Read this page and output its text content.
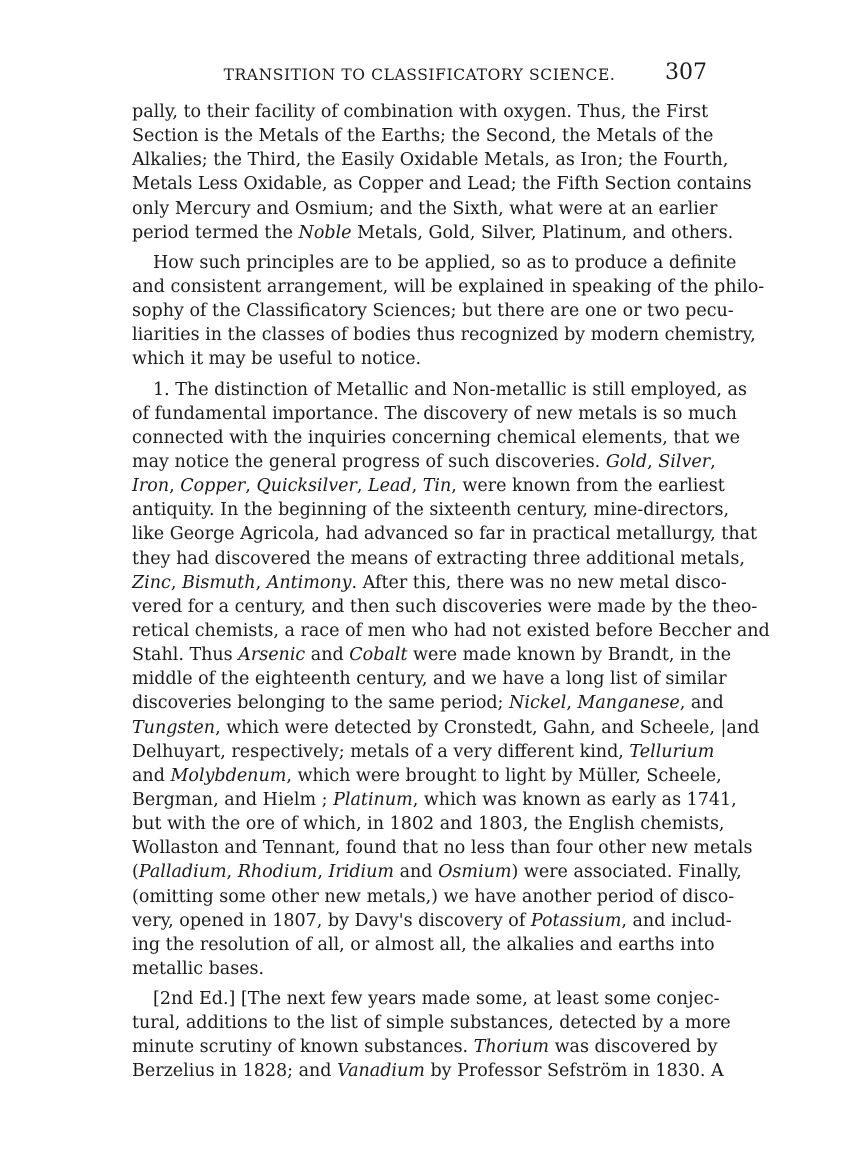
TRANSITION TO CLASSIFICATORY SCIENCE.	307
pally, to their facility of combination with oxygen. Thus, the First
Section is the Metals of the Earths; the Second, the Metals of the
Alkalies; the Third, the Easily Oxidable Metals, as Iron; the Fourth,
Metals Less Oxidable, as Copper and Lead; the Fifth Section contains
only Mercury and Osmium; and the Sixth, what were at an earlier
period termed the Noble Metals, Gold, Silver, Platinum, and others.
How such principles are to be applied, so as to produce a definite
and consistent arrangement, will be explained in speaking of the philo-
sophy of the Classificatory Sciences; but there are one or two pecu-
liarities in the classes of bodies thus recognized by modern chemistry,
which it may be useful to notice.
1. The distinction of Metallic and Non-metallic is still employed, as
of fundamental importance. The discovery of new metals is so much
connected with the inquiries concerning chemical elements, that we
may notice the general progress of such discoveries. Gold, Silver,
Iron, Copper, Quicksilver, Lead, Tin, were known from the earliest
antiquity. In the beginning of the sixteenth century, mine-directors,
like George Agricola, had advanced so far in practical metallurgy, that
they had discovered the means of extracting three additional metals,
Zinc, Bismuth, Antimony. After this, there was no new metal disco-
vered for a century, and then such discoveries were made by the theo-
retical chemists, a race of men who had not existed before Beccher and
Stahl. Thus Arsenic and Cobalt were made known by Brandt, in the
middle of the eighteenth century, and we have a long list of similar
discoveries belonging to the same period; Nickel, Manganese, and
Tungsten, which were detected by Cronstedt, Gahn, and Scheele, |and
Delhuyart, respectively; metals of a very different kind, Tellurium
and Molybdenum, which were brought to light by Müller, Scheele,
Bergman, and Hielm ; Platinum, which was known as early as 1741,
but with the ore of which, in 1802 and 1803, the English chemists,
Wollaston and Tennant, found that no less than four other new metals
(Palladium, Rhodium, Iridium and Osmium) were associated. Finally,
(omitting some other new metals,) we have another period of disco-
very, opened in 1807, by Davy's discovery of Potassium, and includ-
ing the resolution of all, or almost all, the alkalies and earths into
metallic bases.
[2nd Ed.] [The next few years made some, at least some conjec-
tural, additions to the list of simple substances, detected by a more
minute scrutiny of known substances. Thorium was discovered by
Berzelius in 1828; and Vanadium by Professor Sefström in 1830. A
